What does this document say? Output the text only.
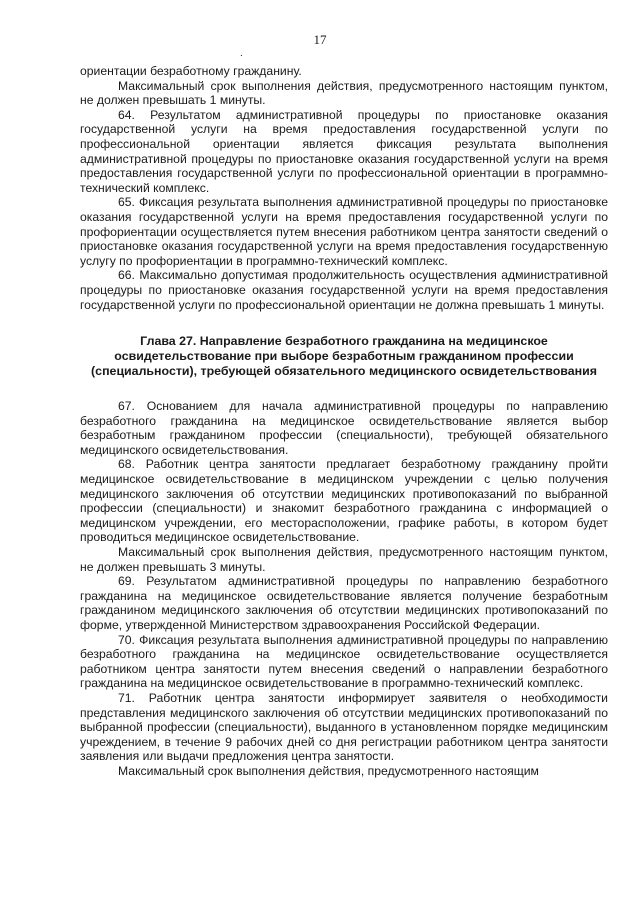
17
.

ориентации безработному гражданину.

Максимальный срок выполнения действия, предусмотренного настоящим пунктом, не должен превышать 1 минуты.

64. Результатом административной процедуры по приостановке оказания государственной услуги на время предоставления государственной услуги по профессиональной ориентации является фиксация результата выполнения административной процедуры по приостановке оказания государственной услуги на время предоставления государственной услуги по профессиональной ориентации в программно-технический комплекс.

65. Фиксация результата выполнения административной процедуры по приостановке оказания государственной услуги на время предоставления государственной услуги по профориентации осуществляется путем внесения работником центра занятости сведений о приостановке оказания государственной услуги на время предоставления государственную услугу по профориентации в программно-технический комплекс.

66. Максимально допустимая продолжительность осуществления административной процедуры по приостановке оказания государственной услуги на время предоставления государственной услуги по профессиональной ориентации не должна превышать 1 минуты.

Глава 27. Направление безработного гражданина на медицинское освидетельствование при выборе безработным гражданином профессии (специальности), требующей обязательного медицинского освидетельствования

67. Основанием для начала административной процедуры по направлению безработного гражданина на медицинское освидетельствование является выбор безработным гражданином профессии (специальности), требующей обязательного медицинского освидетельствования.

68. Работник центра занятости предлагает безработному гражданину пройти медицинское освидетельствование в медицинском учреждении с целью получения медицинского заключения об отсутствии медицинских противопоказаний по выбранной профессии (специальности) и знакомит безработного гражданина с информацией о медицинском учреждении, его месторасположении, графике работы, в котором будет проводиться медицинское освидетельствование.

Максимальный срок выполнения действия, предусмотренного настоящим пунктом, не должен превышать 3 минуты.

69. Результатом административной процедуры по направлению безработного гражданина на медицинское освидетельствование является получение безработным гражданином медицинского заключения об отсутствии медицинских противопоказаний по форме, утвержденной Министерством здравоохранения Российской Федерации.

70. Фиксация результата выполнения административной процедуры по направлению безработного гражданина на медицинское освидетельствование осуществляется работником центра занятости путем внесения сведений о направлении безработного гражданина на медицинское освидетельствование в программно-технический комплекс.

71. Работник центра занятости информирует заявителя о необходимости представления медицинского заключения об отсутствии медицинских противопоказаний по выбранной профессии (специальности), выданного в установленном порядке медицинским учреждением, в течение 9 рабочих дней со дня регистрации работником центра занятости заявления или выдачи предложения центра занятости.

Максимальный срок выполнения действия, предусмотренного настоящим
